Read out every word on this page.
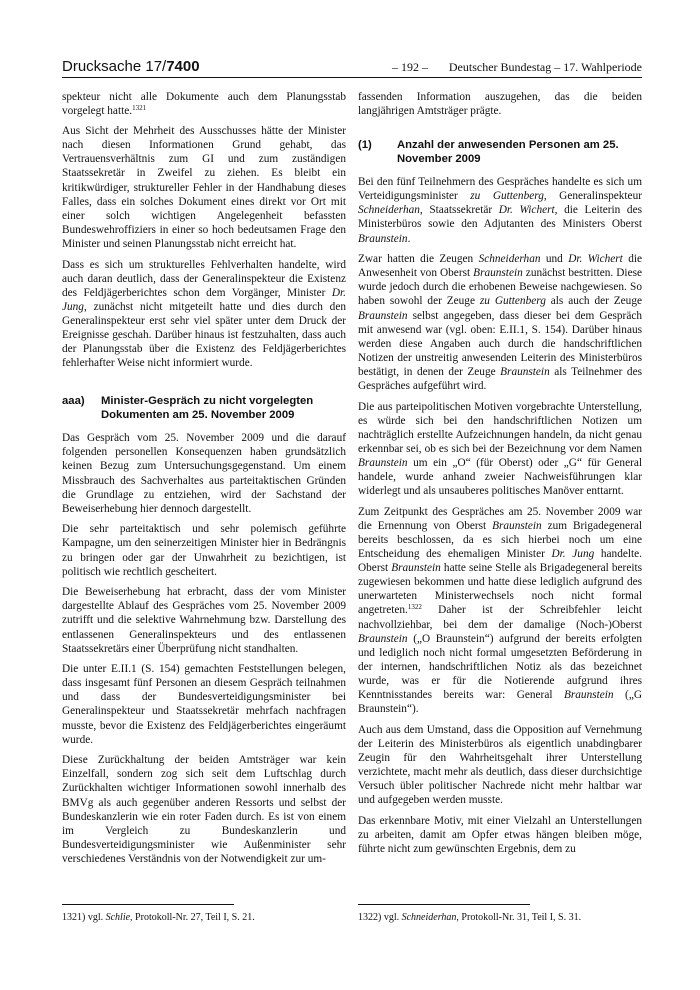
Drucksache 17/7400	– 192 – Deutscher Bundestag – 17. Wahlperiode

spekteur nicht alle Dokumente auch dem Planungsstab vorgelegt hatte.$^{1321}$

Aus Sicht der Mehrheit des Ausschusses hätte der Minister nach diesen Informationen Grund gehabt, das Vertrauensverhältnis zum GI und zum zuständigen Staatssekretär in Zweifel zu ziehen. Es bleibt ein kritikwürdiger, struktureller Fehler in der Handhabung dieses Falles, dass ein solches Dokument eines direkt vor Ort mit einer solch wichtigen Angelegenheit befassten Bundeswehroffiziers in einer so hoch bedeutsamen Frage den Minister und seinen Planungsstab nicht erreicht hat.

Dass es sich um strukturelles Fehlverhalten handelte, wird auch daran deutlich, dass der Generalinspekteur die Existenz des Feldjägerberichtes schon dem Vorgänger, Minister Dr. Jung, zunächst nicht mitgeteilt hatte und dies durch den Generalinspekteur erst sehr viel später unter dem Druck der Ereignisse geschah. Darüber hinaus ist festzuhalten, dass auch der Planungsstab über die Existenz des Feldjägerberichtes fehlerhafter Weise nicht informiert wurde.

aaa)	Minister-Gespräch zu nicht vorgelegten Dokumenten am 25. November 2009

Das Gespräch vom 25. November 2009 und die darauf folgenden personellen Konsequenzen haben grundsätzlich keinen Bezug zum Untersuchungsgegenstand. Um einem Missbrauch des Sachverhaltes aus parteitaktischen Gründen die Grundlage zu entziehen, wird der Sachstand der Beweiserhebung hier dennoch dargestellt.

Die sehr parteitaktisch und sehr polemisch geführte Kampagne, um den seinerzeitigen Minister hier in Bedrängnis zu bringen oder gar der Unwahrheit zu bezichtigen, ist politisch wie rechtlich gescheitert.

Die Beweiserhebung hat erbracht, dass der vom Minister dargestellte Ablauf des Gespräches vom 25. November 2009 zutrifft und die selektive Wahrnehmung bzw. Darstellung des entlassenen Generalinspekteurs und des entlassenen Staatssekretärs einer Überprüfung nicht standhalten.

Die unter E.II.1 (S. 154) gemachten Feststellungen belegen, dass insgesamt fünf Personen an diesem Gespräch teilnahmen und dass der Bundesverteidigungsminister bei Generalinspekteur und Staatssekretär mehrfach nachfragen musste, bevor die Existenz des Feldjägerberichtes eingeräumt wurde.

Diese Zurückhaltung der beiden Amtsträger war kein Einzelfall, sondern zog sich seit dem Luftschlag durch Zurückhalten wichtiger Informationen sowohl innerhalb des BMVg als auch gegenüber anderen Ressorts und selbst der Bundeskanzlerin wie ein roter Faden durch. Es ist von einem im Vergleich zu Bundeskanzlerin und Bundesverteidigungsminister wie Außenminister sehr verschiedenes Verständnis von der Notwendigkeit zur um-

fassenden Information auszugehen, das die beiden langjährigen Amtsträger prägte.

(1)	Anzahl der anwesenden Personen am 25. November 2009

Bei den fünf Teilnehmern des Gespräches handelte es sich um Verteidigungsminister zu Guttenberg, Generalinspekteur Schneiderhan, Staatssekretär Dr. Wichert, die Leiterin des Ministerbüros sowie den Adjutanten des Ministers Oberst Braunstein.

Zwar hatten die Zeugen Schneiderhan und Dr. Wichert die Anwesenheit von Oberst Braunstein zunächst bestritten. Diese wurde jedoch durch die erhobenen Beweise nachgewiesen. So haben sowohl der Zeuge zu Guttenberg als auch der Zeuge Braunstein selbst angegeben, dass dieser bei dem Gespräch mit anwesend war (vgl. oben: E.II.1, S. 154). Darüber hinaus werden diese Angaben auch durch die handschriftlichen Notizen der unstreitig anwesenden Leiterin des Ministerbüros bestätigt, in denen der Zeuge Braunstein als Teilnehmer des Gespräches aufgeführt wird.

Die aus parteipolitischen Motiven vorgebrachte Unterstellung, es würde sich bei den handschriftlichen Notizen um nachträglich erstellte Aufzeichnungen handeln, da nicht genau erkennbar sei, ob es sich bei der Bezeichnung vor dem Namen Braunstein um ein „O“ (für Oberst) oder „G“ für General handele, wurde anhand zweier Nachweisführungen klar widerlegt und als unsauberes politisches Manöver enttarnt.

Zum Zeitpunkt des Gespräches am 25. November 2009 war die Ernennung von Oberst Braunstein zum Brigadegeneral bereits beschlossen, da es sich hierbei noch um eine Entscheidung des ehemaligen Minister Dr. Jung handelte. Oberst Braunstein hatte seine Stelle als Brigadegeneral bereits zugewiesen bekommen und hatte diese lediglich aufgrund des unerwarteten Ministerwechsels noch nicht formal angetreten.$^{1322}$ Daher ist der Schreibfehler leicht nachvollziehbar, bei dem der damalige (Noch-)Oberst Braunstein („O Braunstein“) aufgrund der bereits erfolgten und lediglich noch nicht formal umgesetzten Beförderung in der internen, handschriftlichen Notiz als das bezeichnet wurde, was er für die Notierende aufgrund ihres Kenntnisstandes bereits war: General Braunstein („G Braunstein“).

Auch aus dem Umstand, dass die Opposition auf Vernehmung der Leiterin des Ministerbüros als eigentlich unabdingbarer Zeugin für den Wahrheitsgehalt ihrer Unterstellung verzichtete, macht mehr als deutlich, dass dieser durchsichtige Versuch übler politischer Nachrede nicht mehr haltbar war und aufgegeben werden musste.

Das erkennbare Motiv, mit einer Vielzahl an Unterstellungen zu arbeiten, damit am Opfer etwas hängen bleiben möge, führte nicht zum gewünschten Ergebnis, dem zu

1321) vgl. Schlie, Protokoll-Nr. 27, Teil I, S. 21.	1322) vgl. Schneiderhan, Protokoll-Nr. 31, Teil I, S. 31.
